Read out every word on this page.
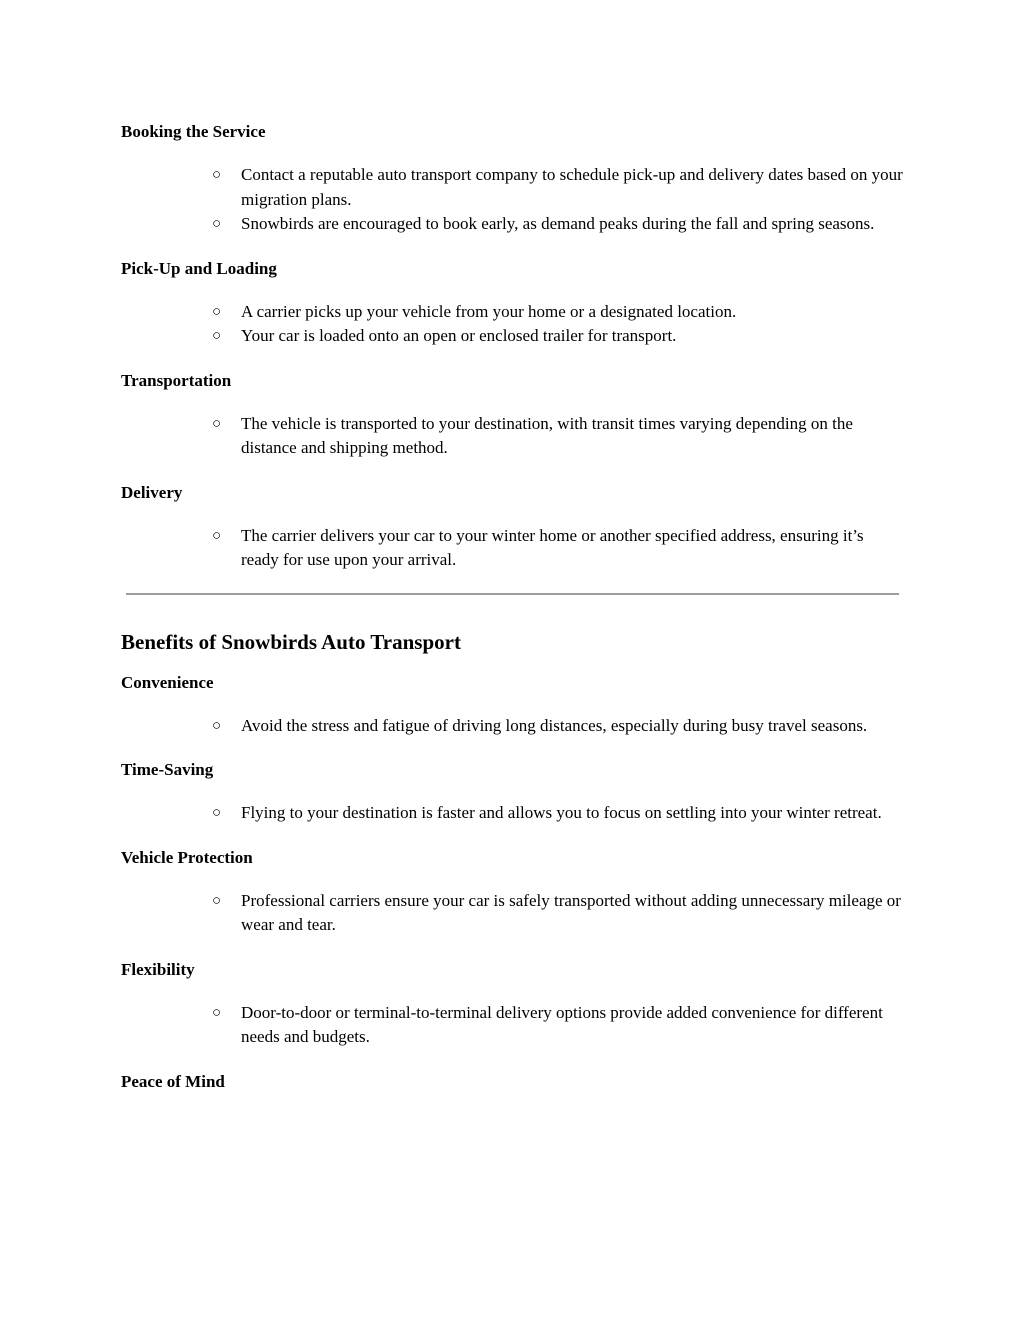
Booking the Service

○ Contact a reputable auto transport company to schedule pick-up and delivery dates based on your migration plans.
○ Snowbirds are encouraged to book early, as demand peaks during the fall and spring seasons.

Pick-Up and Loading

○ A carrier picks up your vehicle from your home or a designated location.
○ Your car is loaded onto an open or enclosed trailer for transport.

Transportation

○ The vehicle is transported to your destination, with transit times varying depending on the distance and shipping method.

Delivery

○ The carrier delivers your car to your winter home or another specified address, ensuring it’s ready for use upon your arrival.
Benefits of Snowbirds Auto Transport

Convenience

○ Avoid the stress and fatigue of driving long distances, especially during busy travel seasons.

Time-Saving

○ Flying to your destination is faster and allows you to focus on settling into your winter retreat.

Vehicle Protection

○ Professional carriers ensure your car is safely transported without adding unnecessary mileage or wear and tear.

Flexibility

○ Door-to-door or terminal-to-terminal delivery options provide added convenience for different needs and budgets.

Peace of Mind
